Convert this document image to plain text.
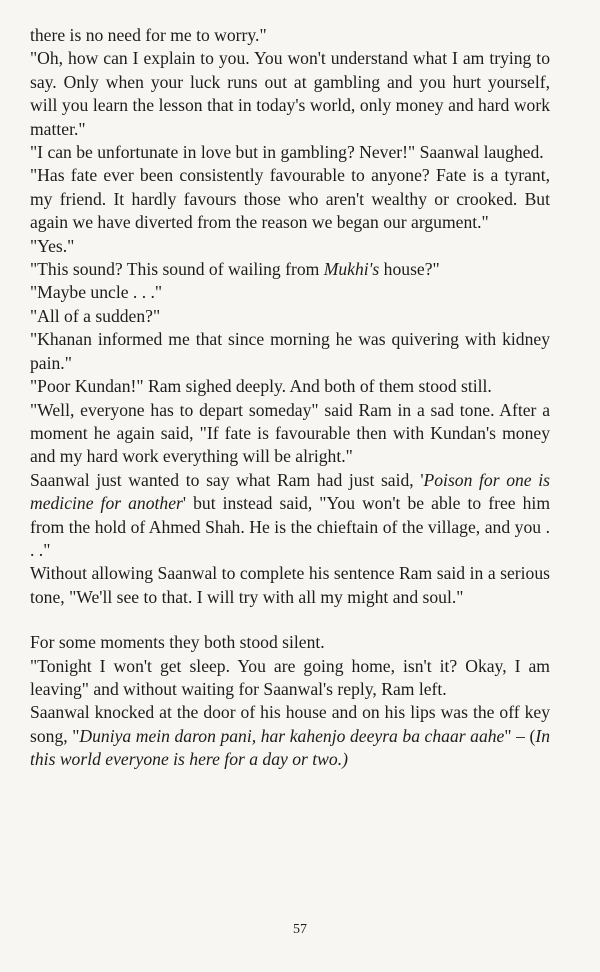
there is no need for me to worry."

"Oh, how can I explain to you. You won't understand what I am trying to say. Only when your luck runs out at gambling and you hurt yourself, will you learn the lesson that in today's world, only money and hard work matter."

"I can be unfortunate in love but in gambling? Never!" Saanwal laughed.

"Has fate ever been consistently favourable to anyone? Fate is a tyrant, my friend. It hardly favours those who aren't wealthy or crooked. But again we have diverted from the reason we began our argument."

"Yes."

"This sound? This sound of wailing from Mukhi's house?"

"Maybe uncle . . ."

"All of a sudden?"

"Khanan informed me that since morning he was quivering with kidney pain."

"Poor Kundan!" Ram sighed deeply. And both of them stood still.

"Well, everyone has to depart someday" said Ram in a sad tone. After a moment he again said, "If fate is favourable then with Kundan's money and my hard work everything will be alright."

Saanwal just wanted to say what Ram had just said, 'Poison for one is medicine for another' but instead said, "You won't be able to free him from the hold of Ahmed Shah. He is the chieftain of the village, and you . . ."

Without allowing Saanwal to complete his sentence Ram said in a serious tone, "We'll see to that. I will try with all my might and soul."

For some moments they both stood silent.

"Tonight I won't get sleep. You are going home, isn't it? Okay, I am leaving" and without waiting for Saanwal's reply, Ram left.

Saanwal knocked at the door of his house and on his lips was the off key song, "Duniya mein daron pani, har kahenjo deeyra ba chaar aahe" – (In this world everyone is here for a day or two.)

57
